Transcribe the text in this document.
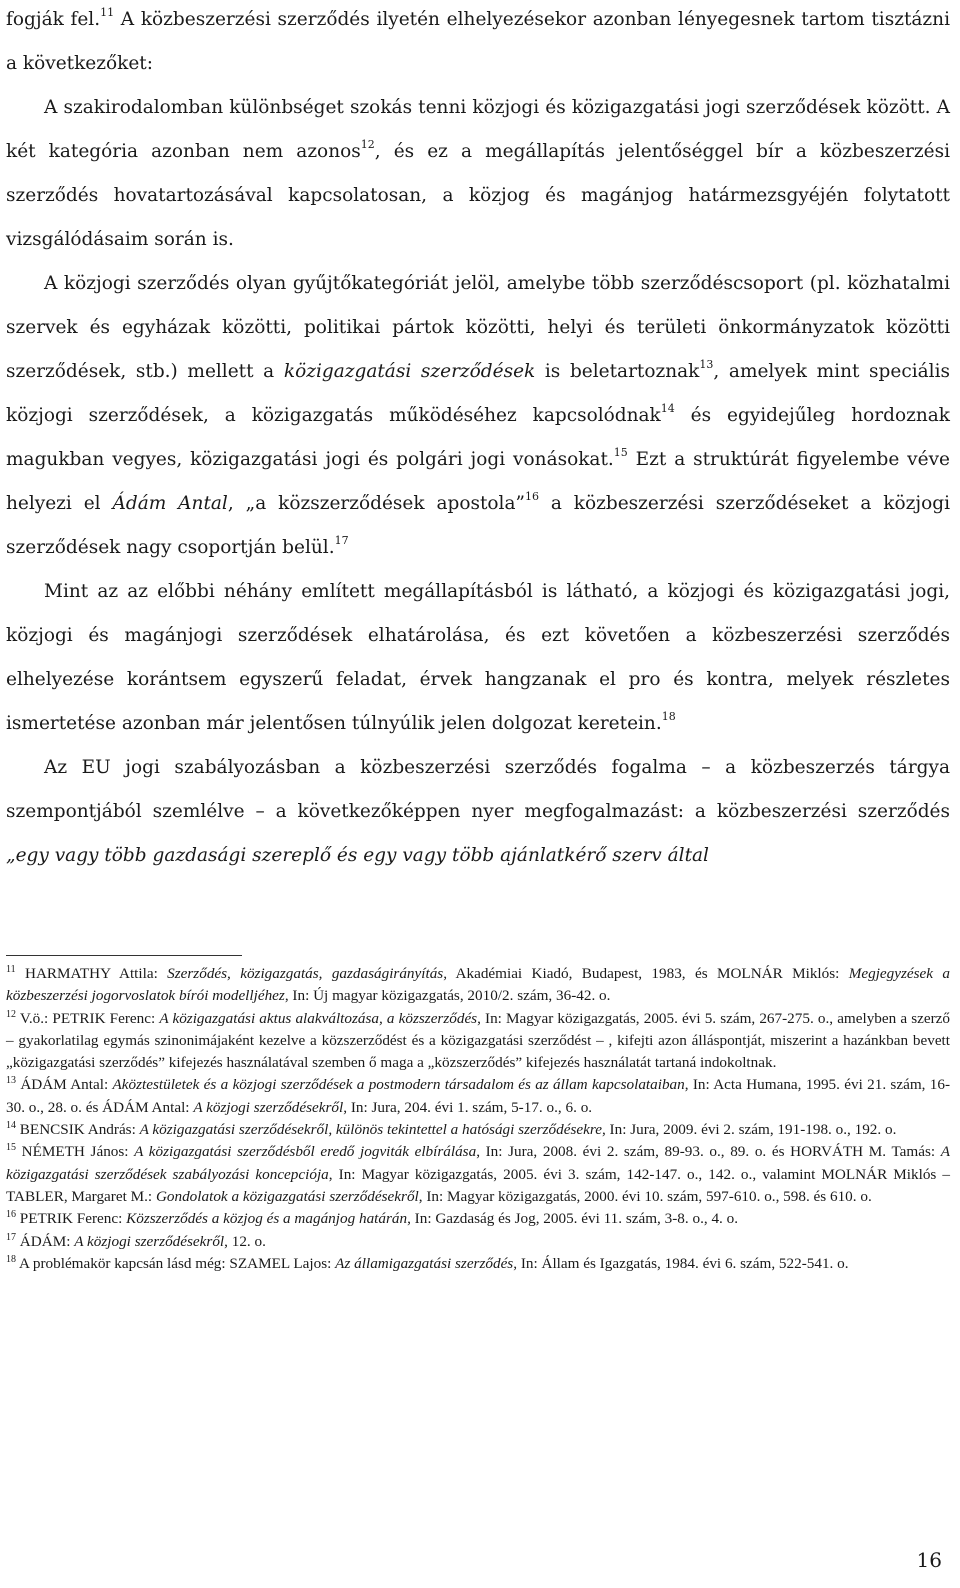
fogják fel.$^{11}$ A közbeszerzési szerződés ilyetén elhelyezésekor azonban lényegesnek tartom tisztázni a következőket:

A szakirodalomban különbséget szokás tenni közjogi és közigazgatási jogi szerződések között. A két kategória azonban nem azonos$^{12}$, és ez a megállapítás jelentőséggel bír a közbeszerzési szerződés hovatartozásával kapcsolatosan, a közjog és magánjog határmezsgyéjén folytatott vizsgálódásaim során is.

A közjogi szerződés olyan gyűjtőkategóriát jelöl, amelybe több szerződéscsoport (pl. közhatalmi szervek és egyházak közötti, politikai pártok közötti, helyi és területi önkormányzatok közötti szerződések, stb.) mellett a közigazgatási szerződések is beletartoznak$^{13}$, amelyek mint speciális közjogi szerződések, a közigazgatás működéséhez kapcsolódnak$^{14}$ és egyidejűleg hordoznak magukban vegyes, közigazgatási jogi és polgári jogi vonásokat.$^{15}$ Ezt a struktúrát figyelembe véve helyezi el Ádám Antal, „a közszerződések apostola”$^{16}$ a közbeszerzési szerződéseket a közjogi szerződések nagy csoportján belül.$^{17}$

Mint az az előbbi néhány említett megállapításból is látható, a közjogi és közigazgatási jogi, közjogi és magánjogi szerződések elhatárolása, és ezt követően a közbeszerzési szerződés elhelyezése korántsem egyszerű feladat, érvek hangzanak el pro és kontra, melyek részletes ismertetése azonban már jelentősen túlnyúlik jelen dolgozat keretein.$^{18}$

Az EU jogi szabályozásban a közbeszerzési szerződés fogalma – a közbeszerzés tárgya szempontjából szemlélve – a következőképpen nyer megfogalmazást: a közbeszerzési szerződés „egy vagy több gazdasági szereplő és egy vagy több ajánlatkérő szerv által

$^{11}$ HARMATHY Attila: Szerződés, közigazgatás, gazdaságirányítás, Akadémiai Kiadó, Budapest, 1983, és MOLNÁR Miklós: Megjegyzések a közbeszerzési jogorvoslatok bírói modelljéhez, In: Új magyar közigazgatás, 2010/2. szám, 36-42. o.

$^{12}$ V.ö.: PETRIK Ferenc: A közigazgatási aktus alakváltozása, a közszerződés, In: Magyar közigazgatás, 2005. évi 5. szám, 267-275. o., amelyben a szerző – gyakorlatilag egymás szinonimájaként kezelve a közszerződést és a közigazgatási szerződést – , kifejti azon álláspontját, miszerint a hazánkban bevett „közigazgatási szerződés” kifejezés használatával szemben ő maga a „közszerződés” kifejezés használatát tartaná indokoltnak.

$^{13}$ ÁDÁM Antal: Aköztestületek és a közjogi szerződések a postmodern társadalom és az állam kapcsolataiban, In: Acta Humana, 1995. évi 21. szám, 16-30. o., 28. o. és ÁDÁM Antal: A közjogi szerződésekről, In: Jura, 204. évi 1. szám, 5-17. o., 6. o.

$^{14}$ BENCSIK András: A közigazgatási szerződésekről, különös tekintettel a hatósági szerződésekre, In: Jura, 2009. évi 2. szám, 191-198. o., 192. o.

$^{15}$ NÉMETH János: A közigazgatási szerződésből eredő jogviták elbírálása, In: Jura, 2008. évi 2. szám, 89-93. o., 89. o. és HORVÁTH M. Tamás: A közigazgatási szerződések szabályozási koncepciója, In: Magyar közigazgatás, 2005. évi 3. szám, 142-147. o., 142. o., valamint MOLNÁR Miklós – TABLER, Margaret M.: Gondolatok a közigazgatási szerződésekről, In: Magyar közigazgatás, 2000. évi 10. szám, 597-610. o., 598. és 610. o.

$^{16}$ PETRIK Ferenc: Közszerződés a közjog és a magánjog határán, In: Gazdaság és Jog, 2005. évi 11. szám, 3-8. o., 4. o.

$^{17}$ ÁDÁM: A közjogi szerződésekről, 12. o.

$^{18}$ A problémakör kapcsán lásd még: SZAMEL Lajos: Az államigazgatási szerződés, In: Állam és Igazgatás, 1984. évi 6. szám, 522-541. o.

16
